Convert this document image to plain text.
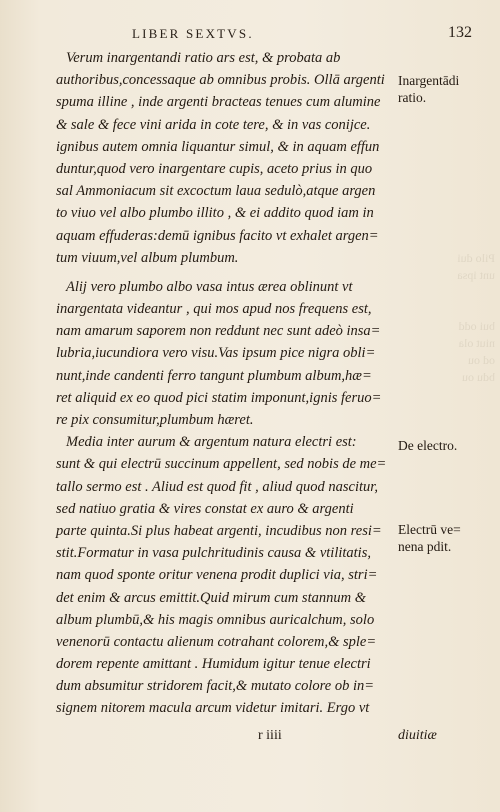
Pilo dui
unt ipsa

bui odd
niut ola
od ou
bdu ou
LIBER SEXTVS.	132
Verum inargentandi ratio ars est, & probata ab
authoribus,concessaque ab omnibus probis. Ollā argenti
spuma illine , inde argenti bracteas tenues cum alumine
& sale & fece vini arida in cote tere, & in vas conijce.
ignibus autem omnia liquantur simul, & in aquam effun
duntur,quod vero inargentare cupis, aceto prius in quo
sal Ammoniacum sit excoctum laua sedulò,atque argen
to viuo vel albo plumbo illito , & ei addito quod iam in
aquam effuderas:demū ignibus facito vt exhalet argen=
tum viuum,vel album plumbum.
Alij vero plumbo albo vasa intus ærea oblinunt vt
inargentata videantur , qui mos apud nos frequens est,
nam amarum saporem non reddunt nec sunt adeò insa=
lubria,iucundiora vero visu.Vas ipsum pice nigra obli=
nunt,inde candenti ferro tangunt plumbum album,hæ=
ret aliquid ex eo quod pici statim imponunt,ignis feruo=
re pix consumitur,plumbum hæret.
Media inter aurum & argentum natura electri est:
sunt & qui electrū succinum appellent, sed nobis de me=
tallo sermo est . Aliud est quod fit , aliud quod nascitur,
sed natiuo gratia & vires constat ex auro & argenti
parte quinta.Si plus habeat argenti, incudibus non resi=
stit.Formatur in vasa pulchritudinis causa & vtilitatis,
nam quod sponte oritur venena prodit duplici via, stri=
det enim & arcus emittit.Quid mirum cum stannum &
album plumbū,& his magis omnibus auricalchum, solo
venenorū contactu alienum cotrahant colorem,& sple=
dorem repente amittant . Humidum igitur tenue electri
dum absumitur stridorem facit,& mutato colore ob in=
signem nitorem macula arcum videtur imitari. Ergo vt
Inargentādi
ratio.
De electro.
Electrū ve=
nena pdit.
r iiii	diuitiæ
